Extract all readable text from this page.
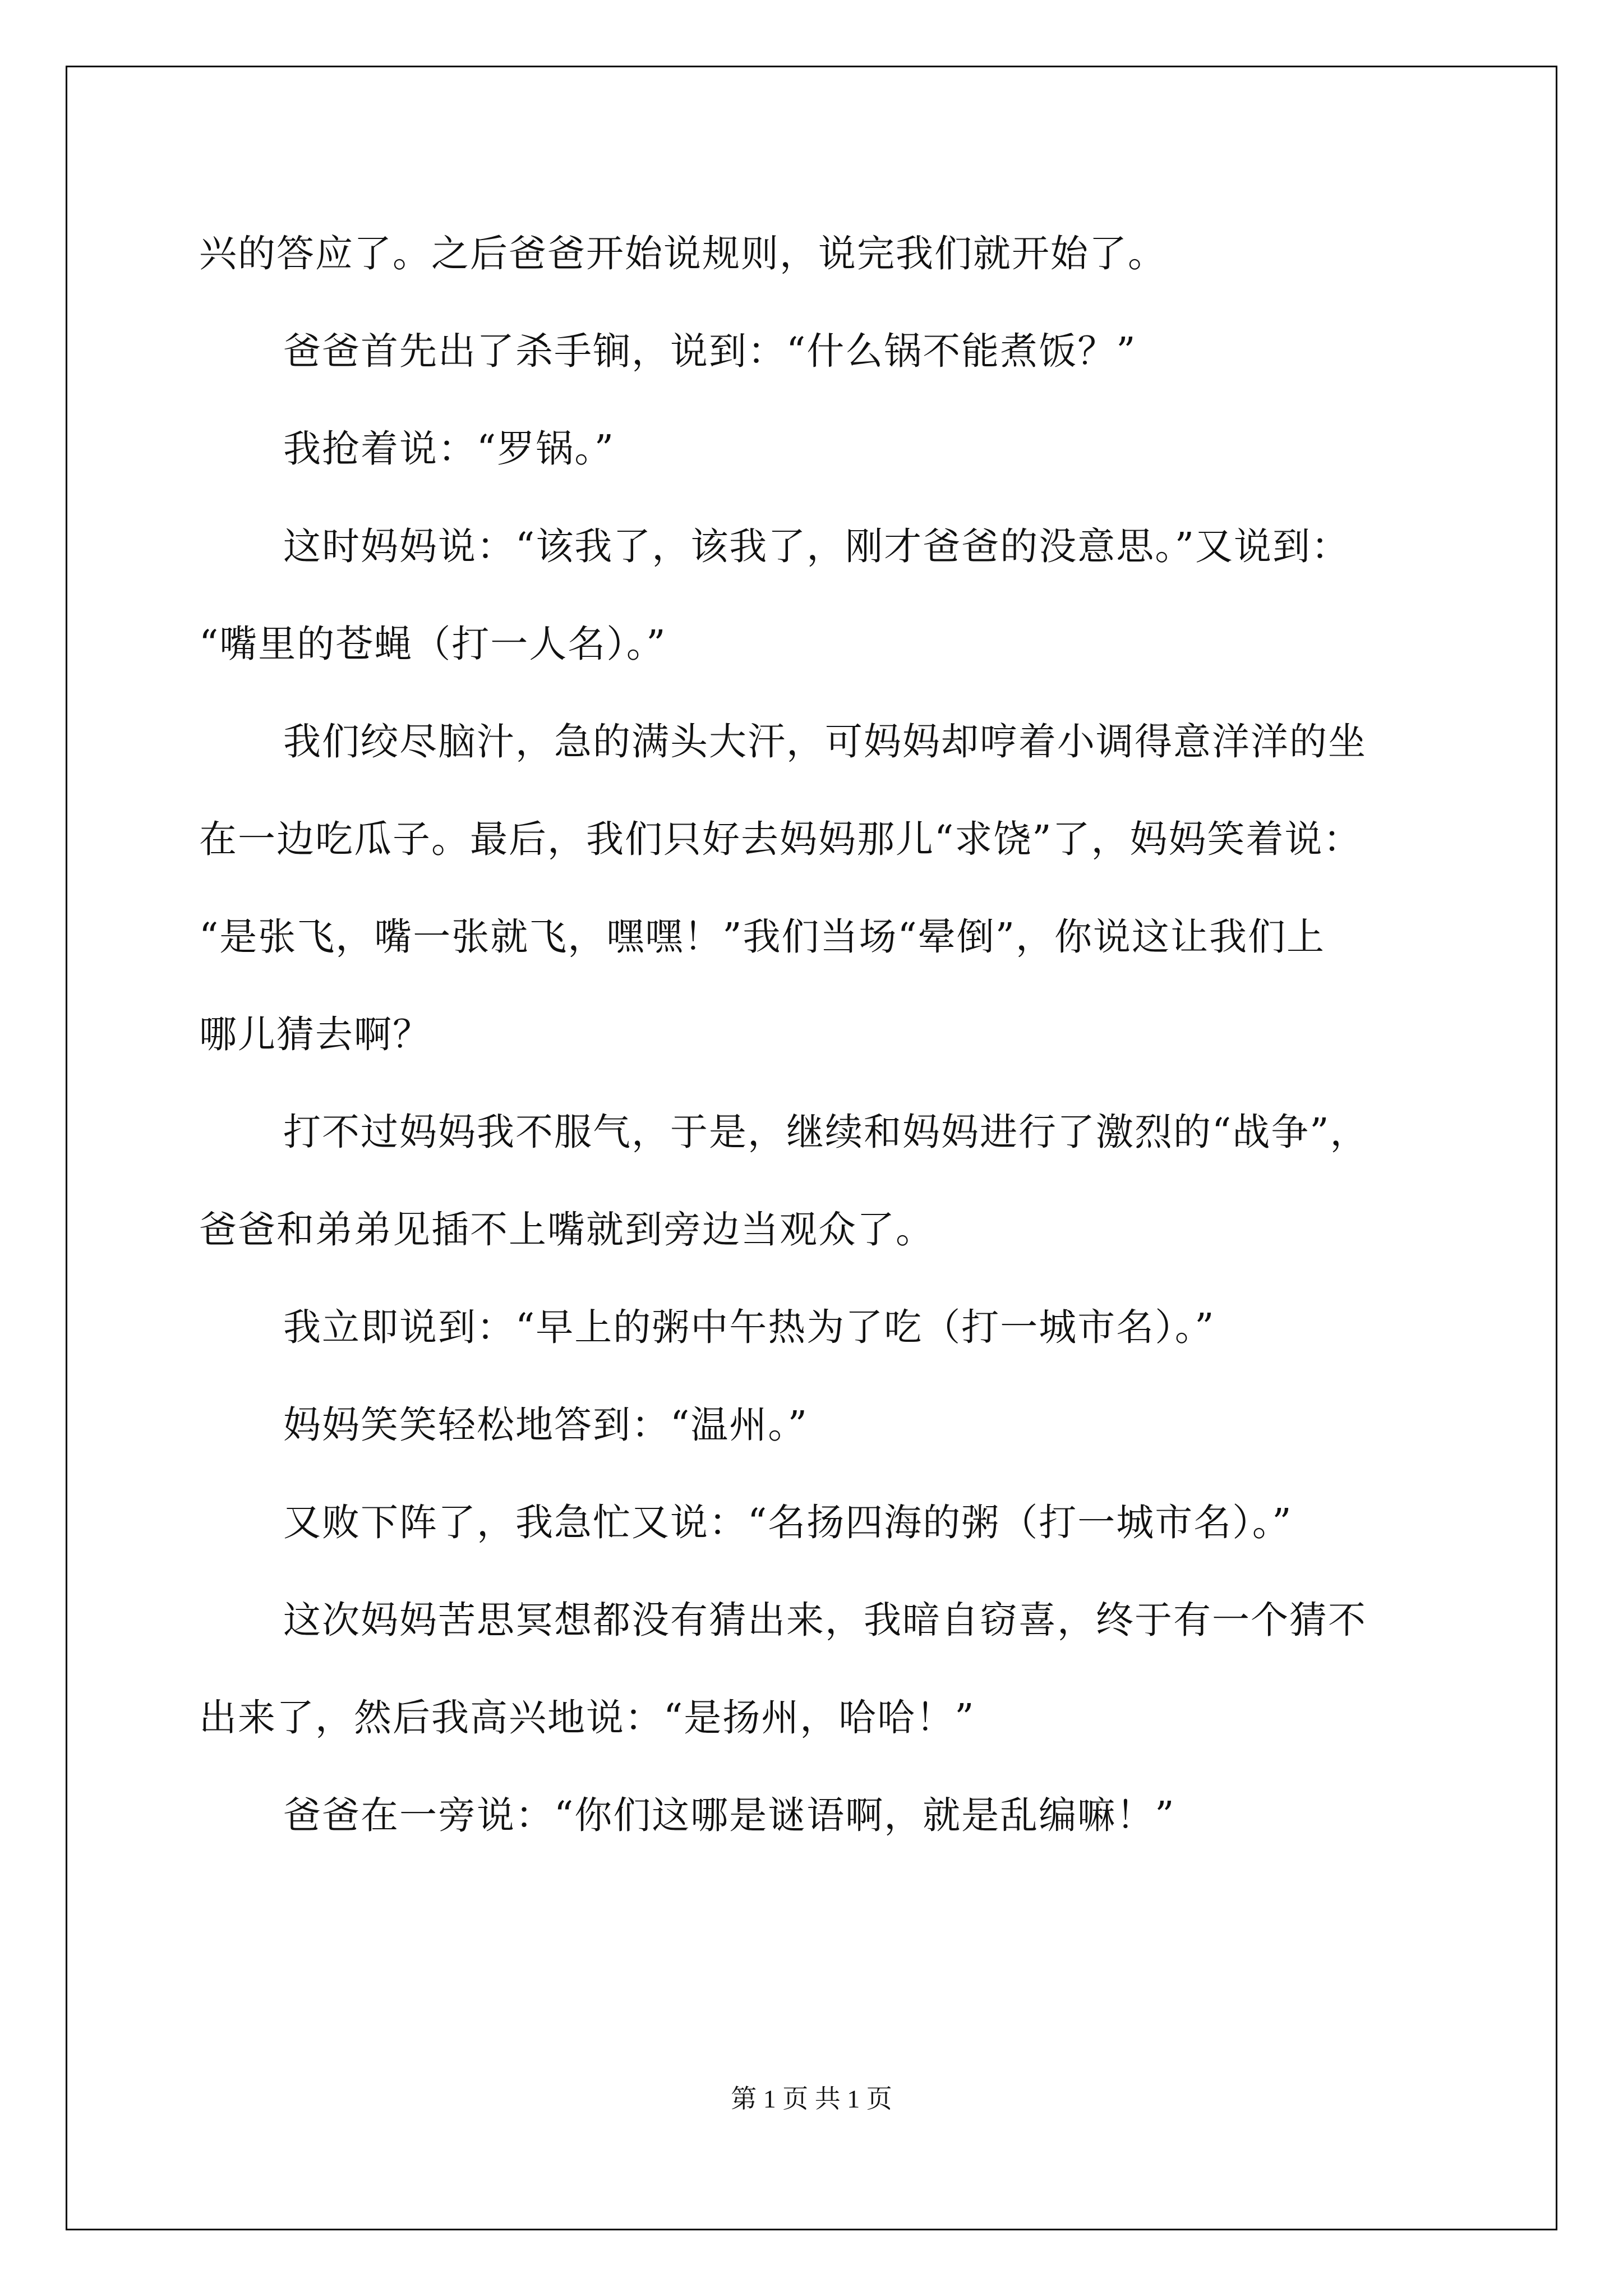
兴的答应了。之后爸爸开始说规则，说完我们就开始了。
爸爸首先出了杀手锏，说到：“什么锅不能煮饭？”
我抢着说：“罗锅。”
这时妈妈说：“该我了，该我了，刚才爸爸的没意思。”又说到：
“嘴里的苍蝇（打一人名）。”
我们绞尽脑汁，急的满头大汗，可妈妈却哼着小调得意洋洋的坐
在一边吃瓜子。最后，我们只好去妈妈那儿“求饶”了，妈妈笑着说：
“是张飞，嘴一张就飞，嘿嘿！”我们当场“晕倒”，你说这让我们上
哪儿猜去啊？
打不过妈妈我不服气，于是，继续和妈妈进行了激烈的“战争”，
爸爸和弟弟见插不上嘴就到旁边当观众了。
我立即说到：“早上的粥中午热为了吃（打一城市名）。”
妈妈笑笑轻松地答到：“温州。”
又败下阵了，我急忙又说：“名扬四海的粥（打一城市名）。”
这次妈妈苦思冥想都没有猜出来，我暗自窃喜，终于有一个猜不
出来了，然后我高兴地说：“是扬州，哈哈！”
爸爸在一旁说：“你们这哪是谜语啊，就是乱编嘛！”
第 1 页 共 1 页
